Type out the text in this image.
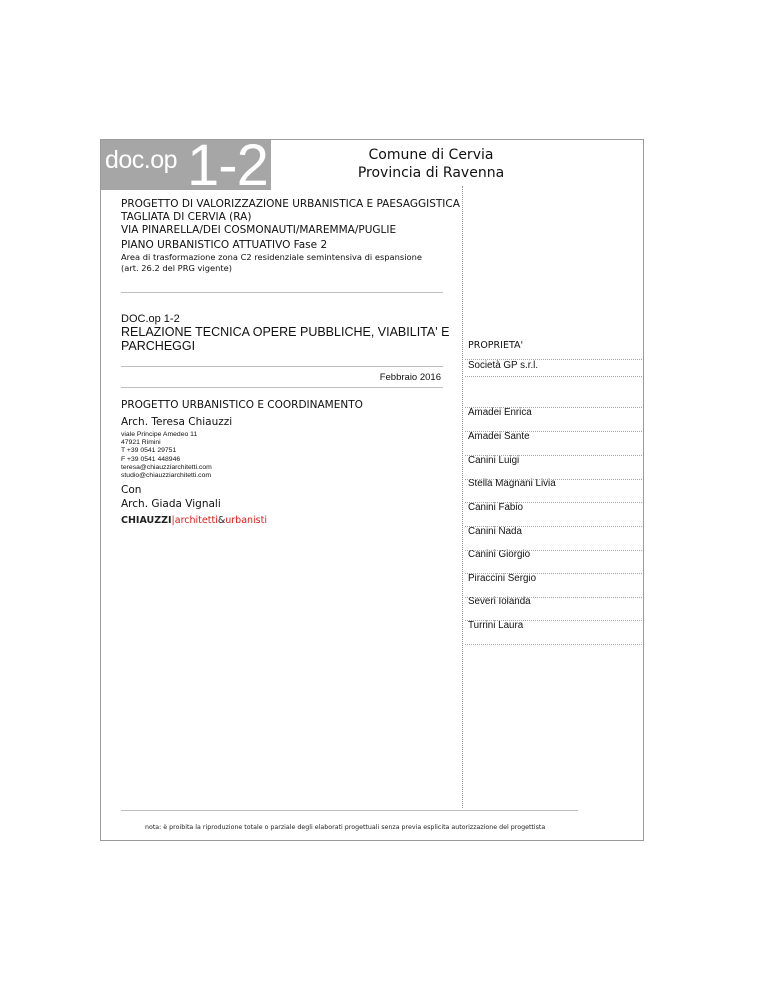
doc.op 1-2	Comune di Cervia
Provincia di Ravenna
PROGETTO DI VALORIZZAZIONE URBANISTICA E PAESAGGISTICA
TAGLIATA DI CERVIA (RA)
VIA PINARELLA/DEI COSMONAUTI/MAREMMA/PUGLIE
PIANO URBANISTICO ATTUATIVO Fase 2
Area di trasformazione zona C2 residenziale semintensiva di espansione
(art. 26.2 del PRG vigente)
DOC.op 1-2
RELAZIONE TECNICA OPERE PUBBLICHE, VIABILITA' E PARCHEGGI
Febbraio 2016
PROGETTO URBANISTICO E COORDINAMENTO
Arch. Teresa Chiauzzi
viale Principe Amedeo 11
47921 Rimini
T +39 0541 29751
F +39 0541 448946
teresa@chiauzziarchitetti.com
studio@chiauzziarchitetti.com
Con
Arch. Giada Vignali
CHIAUZZI|architetti&urbanisti
PROPRIETA'
Società GP s.r.l.
Amadei Enrica
Amadei Sante
Canini Luigi
Stella Magnani Livia
Canini Fabio
Canini Nada
Canini Giorgio
Piraccini Sergio
Severi Iolanda
Turrini Laura
nota: è proibita la riproduzione totale o parziale degli elaborati progettuali senza previa esplicita autorizzazione del progettista
